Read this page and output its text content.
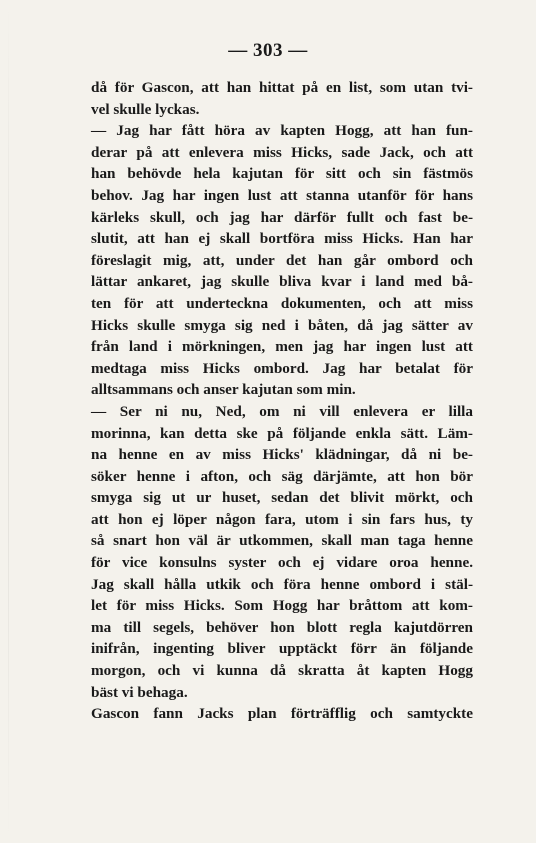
— 303 —
då för Gascon, att han hittat på en list, som utan tvi-
vel skulle lyckas.
— Jag har fått höra av kapten Hogg, att han fun-
derar på att enlevera miss Hicks, sade Jack, och att
han behövde hela kajutan för sitt och sin fästmös
behov. Jag har ingen lust att stanna utanför för hans
kärleks skull, och jag har därför fullt och fast be-
slutit, att han ej skall bortföra miss Hicks. Han har
föreslagit mig, att, under det han går ombord och
lättar ankaret, jag skulle bliva kvar i land med bå-
ten för att underteckna dokumenten, och att miss
Hicks skulle smyga sig ned i båten, då jag sätter av
från land i mörkningen, men jag har ingen lust att
medtaga miss Hicks ombord. Jag har betalat för
alltsammans och anser kajutan som min.
— Ser ni nu, Ned, om ni vill enlevera er lilla
morinna, kan detta ske på följande enkla sätt. Läm-
na henne en av miss Hicks' klädningar, då ni be-
söker henne i afton, och säg därjämte, att hon bör
smyga sig ut ur huset, sedan det blivit mörkt, och
att hon ej löper någon fara, utom i sin fars hus, ty
så snart hon väl är utkommen, skall man taga henne
för vice konsulns syster och ej vidare oroa henne.
Jag skall hålla utkik och föra henne ombord i stäl-
let för miss Hicks. Som Hogg har bråttom att kom-
ma till segels, behöver hon blott regla kajutdörren
inifrån, ingenting bliver upptäckt förr än följande
morgon, och vi kunna då skratta åt kapten Hogg
bäst vi behaga.
Gascon fann Jacks plan förträfflig och samtyckte
